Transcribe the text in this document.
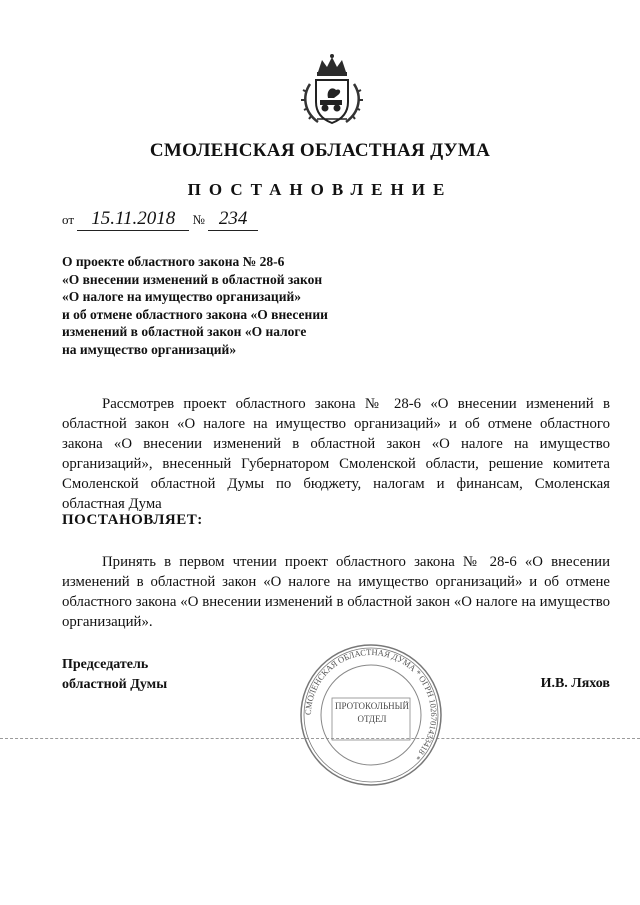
СМОЛЕНСКАЯ ОБЛАСТНАЯ ДУМА
ПОСТАНОВЛЕНИЕ
от 15.11.2018 № 234
О проекте областного закона № 28-6
«О внесении изменений в областной закон
«О налоге на имущество организаций»
и об отмене областного закона «О внесении
изменений в областной закон «О налоге
на имущество организаций»

Рассмотрев проект областного закона № 28-6 «О внесении изменений в областной закон «О налоге на имущество организаций» и об отмене областного закона «О внесении изменений в областной закон «О налоге на имущество организаций», внесенный Губернатором Смоленской области, решение комитета Смоленской областной Думы по бюджету, налогам и финансам, Смоленская областная Дума

ПОСТАНОВЛЯЕТ:

Принять в первом чтении проект областного закона № 28-6 «О внесении изменений в областной закон «О налоге на имущество организаций» и об отмене областного закона «О внесении изменений в областной закон «О налоге на имущество организаций».

СМОЛЕНСКАЯ ОБЛАСТНАЯ ДУМА * ОГРН 1026701433418 *
ПРОТОКОЛЬНЫЙ
ОТДЕЛ
Председатель
областной Думы	И.В. Ляхов
